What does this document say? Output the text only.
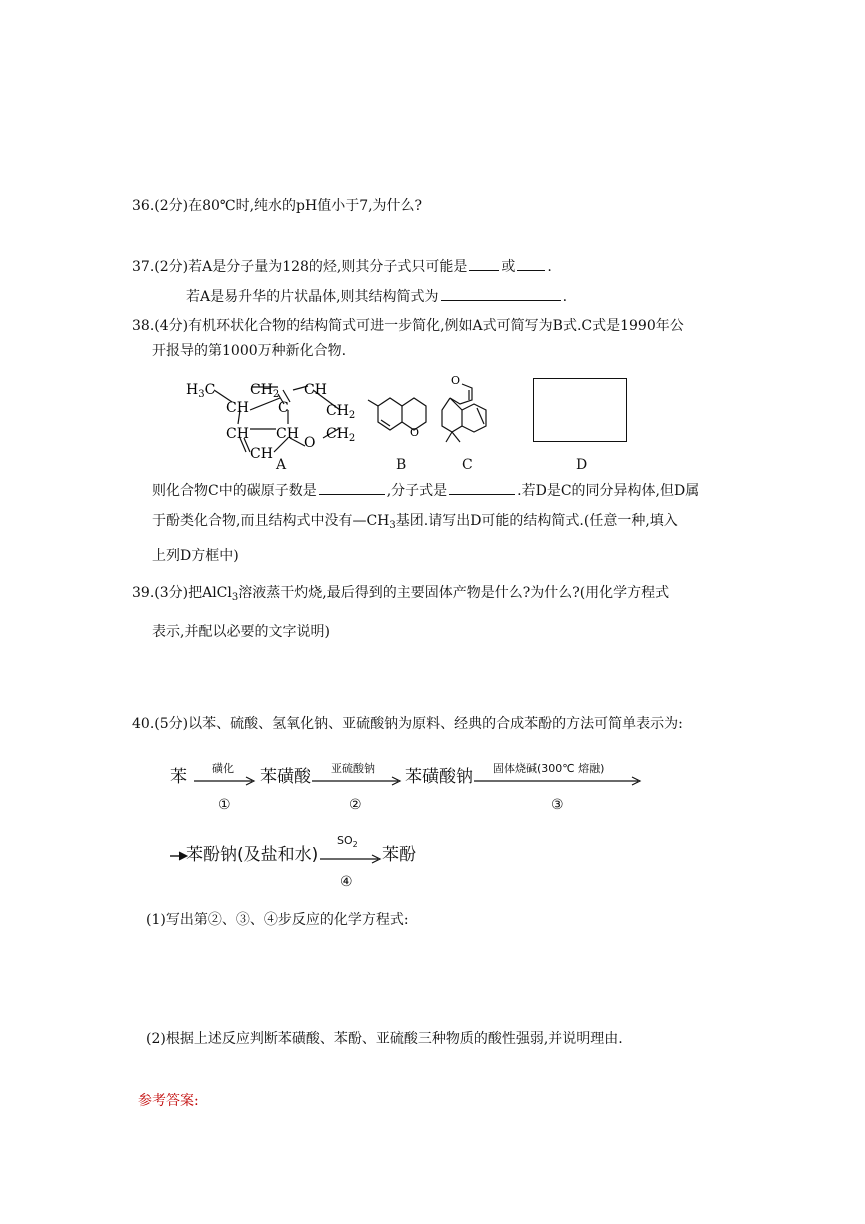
36.(2分)在80℃时,纯水的pH值小于7,为什么?
37.(2分)若A是分子量为128的烃,则其分子式只可能是 或 .
若A是易升华的片状晶体,则其结构简式为	.
38.(4分)有机环状化合物的结构简式可进一步简化,例如A式可简写为B式.C式是1990年公
开报导的第1000万种新化合物.
$H_3C$ $CH_2$ CH
CH C	$CH_2$
CH CH
O
$CH_2$
CH
O
O
A	B	C	D
则化合物C中的碳原子数是	,分子式是	.若D是C的同分异构体,但D属
于酚类化合物,而且结构式中没有$—CH_3$基团.请写出D可能的结构简式.(任意一种,填入
上列D方框中)
39.(3分)把AlCl$_3$溶液蒸干灼烧,最后得到的主要固体产物是什么?为什么?(用化学方程式
表示,并配以必要的文字说明)
40.(5分)以苯、硫酸、氢氧化钠、亚硫酸钠为原料、经典的合成苯酚的方法可简单表示为:
苯 磺化 苯磺酸 亚硫酸钠 苯磺酸钠 固体烧碱(300℃ 熔融)
①	②	③
苯酚钠(及盐和水)
$SO_2$
苯酚
④
(1)写出第②、③、④步反应的化学方程式:
(2)根据上述反应判断苯磺酸、苯酚、亚硫酸三种物质的酸性强弱,并说明理由.
参考答案:
